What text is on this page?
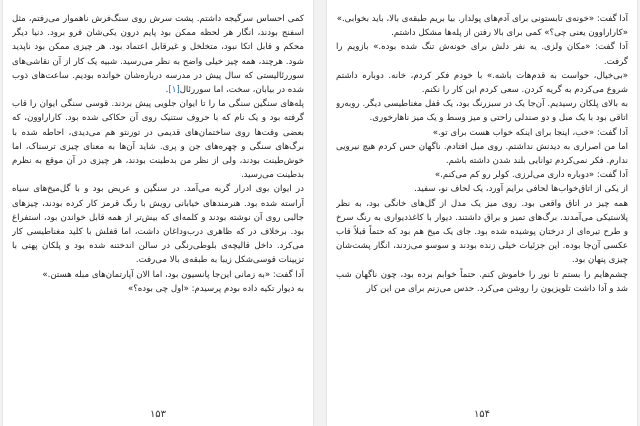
کمی احساس سرگیجه داشتم. پشت سرش روی سنگ‌فرش ناهموار می‌رفتم، مثل اسفنج بودند، انگار هر لحظه ممکن بود پایم درون یکی‌شان فرو برود. دنیا دیگر محکم و قابل اتکا نبود، متخلخل و غیرقابل اعتماد بود. هر چیزی ممکن بود ناپدید شود. هرچند، همه چیز خیلی واضح به نظر می‌رسید. شبیه یک کار از آن نقاشی‌های سوررئالیستی که سال پیش در مدرسه درباره‌شان خوانده بودیم. ساعت‌های ذوب شده در بیابان، سخت، اما سوررئال[۱].

پله‌های سنگین سنگی ما را تا ایوان جلویی پیش بردند. قوسی سنگی ایوان را قاب گرفته بود و یک نام که با حروف ستنیک روی آن حکاکی شده بود. کاراراوون، که بعضی وقت‌ها روی ساختمان‌های قدیمی در تورنتو هم می‌دیدی، احاطه شده با برگ‌های سنگی و چهره‌های جن و پری. شاید آن‌ها به معنای چیزی ترسناک، اما خوش‌طینت بودند، ولی از نظر من بدطینت بودند، هر چیزی در آن موقع به نظرم بدطینت می‌رسید.

در ایوان بوی ادرار گربه می‌آمد. در سنگین و عریض بود و با گل‌میخ‌های سیاه آراسته شده بود. هنرمندهای خیابانی رویش با رنگ قرمز کار کرده بودند، چیزهای جالبی روی آن نوشته بودند و کلمه‌ای که بیش‌تر از همه قابل خواندن بود، استفراغ بود. برخلاف در که ظاهری درب‌وداغان داشت، اما قفلش با کلید مغناطیسی کار می‌کرد. داخل قالیچه‌ی بلوطی‌رنگی در سالن اندختنه شده بود و پلکان پهنی با تزیینات قوسی‌شکل زیبا به طبقه‌ی بالا می‌رفت.

آدا گفت: «به زمانی این‌جا پانسیون بود، اما الان آپارتمان‌های مبله هستن.»

به دیوار تکیه داده بودم پرسیدم: «اول چی بوده؟»

۱۵۳

آدا گفت: «خونه‌ی تابستونی برای آدم‌های پولدار. بیا بریم طبقه‌ی بالا، باید بخوابی.»

«کاراراوون یعنی چی؟» کمی برای بالا رفتن از پله‌ها مشکل داشتم.

آدا گفت: «مکان ولزی. یه نفر دلش برای خونه‌ش تنگ شده بوده.» بازویم را گرفت.

«بی‌خیال، حواست به قدم‌هات باشه.» با خودم فکر کردم، خانه. دوباره داشتم شروع می‌کردم به گریه کردن. سعی کردم این کار را نکنم.

به بالای پلکان رسیدیم. آن‌جا یک در سبزرنگ بود، یک قفل مغناطیسی دیگر. روبه‌رو اتاقی بود با یک مبل و دو صندلی راحتی و میز وسط و یک میز ناهارخوری.

آدا گفت: «خب، اینجا برای اینکه خواب هست برای تو.»

اما من اصراری به دیدنش نداشتم. روی مبل افتادم. ناگهان حس کردم هیچ نیرویی ندارم. فکر نمی‌کردم توانایی بلند شدن داشته باشم.

آدا گفت: «دوباره داری می‌لرزی. کولر رو کم می‌کنم.»

از یکی از اتاق‌خواب‌ها لحافی برایم آورد، یک لحاف نو، سفید.

همه چیز در اتاق واقعی بود. روی میز یک مدل از گل‌های خانگی بود، به نظر پلاستیکی می‌آمدند. برگ‌های تمیز و براق داشتند. دیوار با کاغذدیواری به رنگ سرخ و طرح تیره‌ای از درختان پوشیده شده بود. جای یک میخ هم بود که حتماً قبلاً قاب عکسی آن‌جا بوده. این جزئیات خیلی زنده بودند و سوسو می‌زدند، انگار پشت‌شان چیزی پنهان بود.

چشم‌هایم را بستم تا نور را خاموش کنم. حتماً خوابم برده بود، چون ناگهان شب شد و آدا داشت تلویزیون را روشن می‌کرد. حدس می‌زنم برای من این کار

۱۵۴
